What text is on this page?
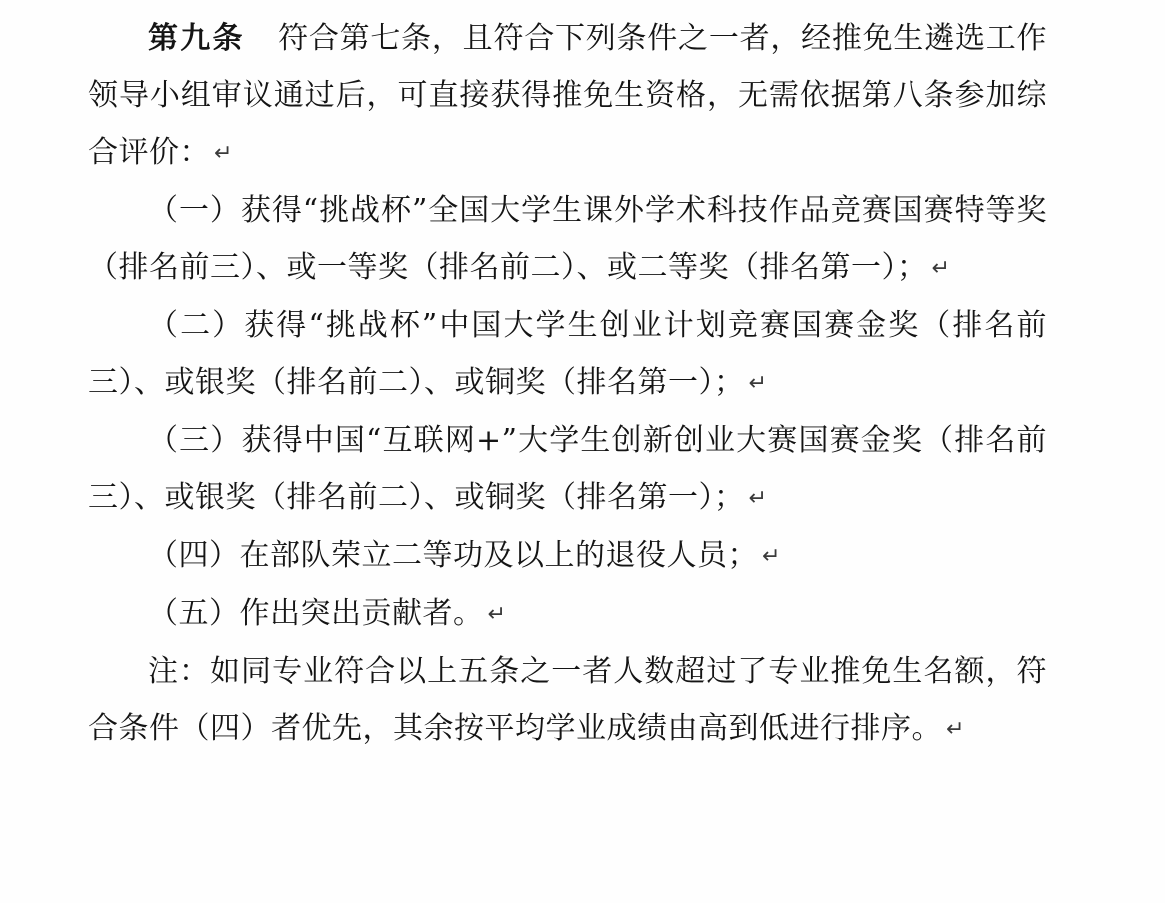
第九条 符合第七条，且符合下列条件之一者，经推免生遴选工作领导小组审议通过后，可直接获得推免生资格，无需依据第八条参加综合评价： ↵

（一）获得“挑战杯”全国大学生课外学术科技作品竞赛国赛特等奖（排名前三）、或一等奖（排名前二）、或二等奖（排名第一）； ↵

（二）获得“挑战杯”中国大学生创业计划竞赛国赛金奖（排名前三）、或银奖（排名前二）、或铜奖（排名第一）； ↵

（三）获得中国“互联网+”大学生创新创业大赛国赛金奖（排名前三）、或银奖（排名前二）、或铜奖（排名第一）； ↵

（四）在部队荣立二等功及以上的退役人员； ↵

（五）作出突出贡献者。 ↵

注：如同专业符合以上五条之一者人数超过了专业推免生名额，符合条件（四）者优先，其余按平均学业成绩由高到低进行排序。 ↵
